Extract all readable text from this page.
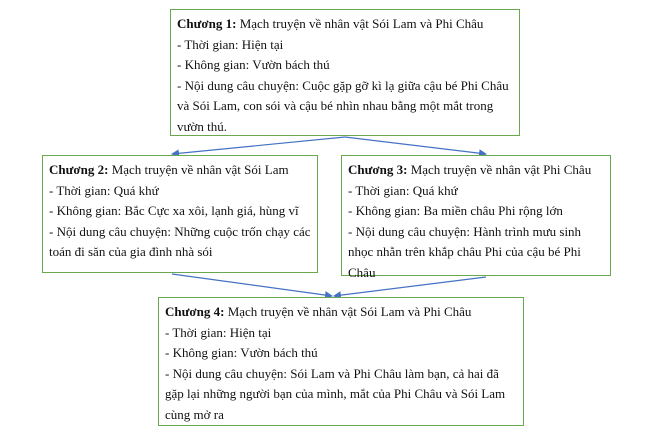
Chương 1: Mạch truyện về nhân vật Sói Lam và Phi Châu
- Thời gian: Hiện tại
- Không gian: Vườn bách thú
- Nội dung câu chuyện: Cuộc gặp gỡ kì lạ giữa cậu bé Phi Châu và Sói Lam, con sói và cậu bé nhìn nhau bằng một mắt trong vườn thú.
Chương 2: Mạch truyện về nhân vật Sói Lam
- Thời gian: Quá khứ
- Không gian: Bắc Cực xa xôi, lạnh giá, hùng vĩ
- Nội dung câu chuyện: Những cuộc trốn chạy các toán đi săn của gia đình nhà sói
Chương 3: Mạch truyện về nhân vật Phi Châu
- Thời gian: Quá khứ
- Không gian: Ba miền châu Phi rộng lớn
- Nội dung câu chuyện: Hành trình mưu sinh nhọc nhằn trên khắp châu Phi của cậu bé Phi Châu
Chương 4: Mạch truyện về nhân vật Sói Lam và Phi Châu
- Thời gian: Hiện tại
- Không gian: Vườn bách thú
- Nội dung câu chuyện: Sói Lam và Phi Châu làm bạn, cả hai đã gặp lại những người bạn của mình, mắt của Phi Châu và Sói Lam cùng mở ra
